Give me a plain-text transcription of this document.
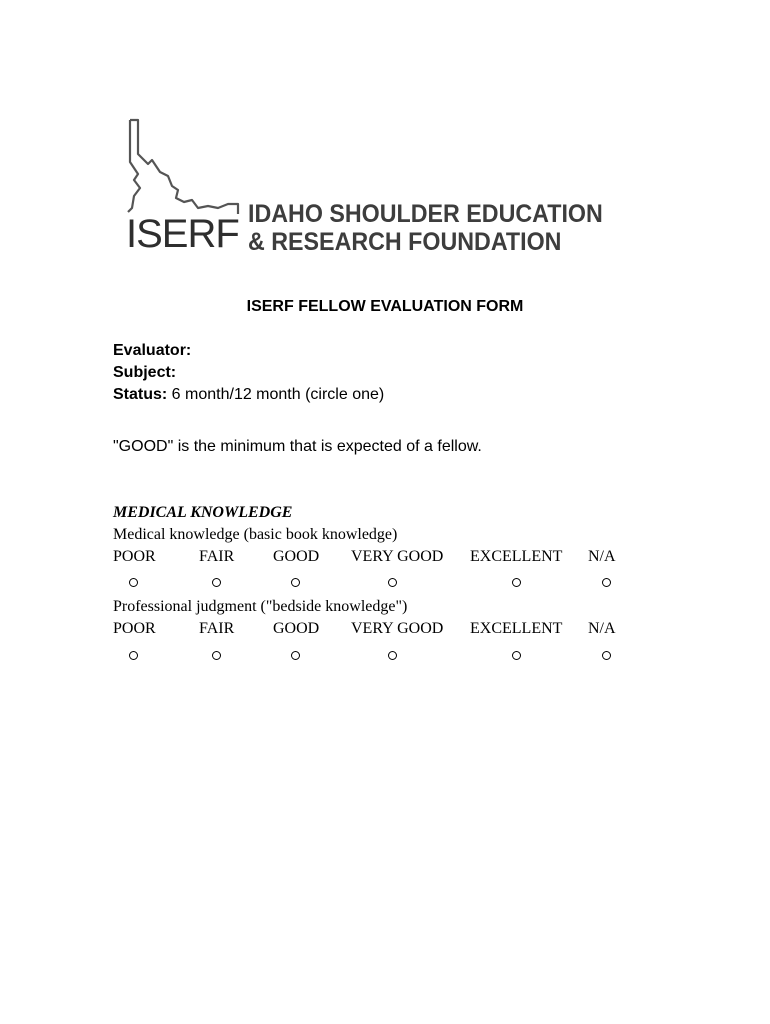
ISERF IDAHO SHOULDER EDUCATION
& RESEARCH FOUNDATION
ISERF FELLOW EVALUATION FORM
Evaluator:
Subject:
Status: 6 month/12 month (circle one)
"GOOD" is the minimum that is expected of a fellow.
MEDICAL KNOWLEDGE
Medical knowledge (basic book knowledge)
POOR	FAIR GOOD VERY GOOD EXCELLENT N/A
Professional judgment ("bedside knowledge")
POOR	FAIR GOOD VERY GOOD EXCELLENT N/A
